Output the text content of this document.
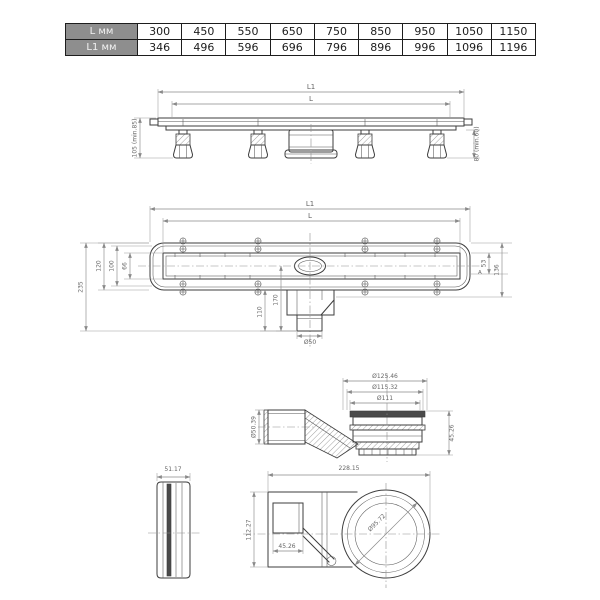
L мм	300	450	550	650	750	850	950	1050	1150
L1 мм	346	496	596	696	796	896	996	1096	1196
L1
L
105 (min.85)	80 (min.60)
L1
L
66
100
120
235
53
136
A
170
110
Ø50
Ø125.46
Ø115.32
Ø111
45.26
Ø50.39
51.17
Ø95.72
228.15
112.27
45.26
